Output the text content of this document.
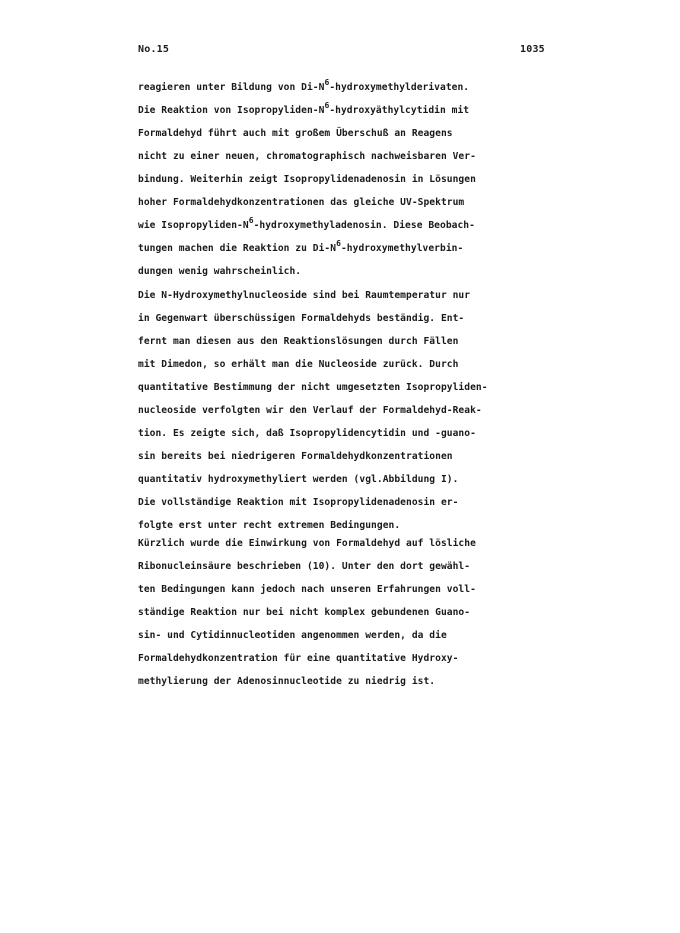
No.15	1035
reagieren unter Bildung von $Di-N^6$-hydroxymethylderivaten.
Die Reaktion von Isopropyliden-$N^6$-hydroxyäthylcytidin mit
Formaldehyd führt auch mit großem Überschuß an Reagens
nicht zu einer neuen, chromatographisch nachweisbaren Ver-
bindung. Weiterhin zeigt Isopropylidenadenosin in Lösungen
hoher Formaldehydkonzentrationen das gleiche UV-Spektrum
wie Isopropyliden-$N^6$-hydroxymethyladenosin. Diese Beobach-
tungen machen die Reaktion zu $Di-N^6-hydroxymethylverbin-$
dungen wenig wahrscheinlich.
Die N-Hydroxymethylnucleoside sind bei Raumtemperatur nur
in Gegenwart überschüssigen Formaldehyds beständig. Ent-
fernt man diesen aus den Reaktionslösungen durch Fällen
mit Dimedon, so erhält man die Nucleoside zurück. Durch
quantitative Bestimmung der nicht umgesetzten Isopropyliden-
nucleoside verfolgten wir den Verlauf der Formaldehyd-Reak-
tion. Es zeigte sich, daß Isopropylidencytidin und -guano-
sin bereits bei niedrigeren Formaldehydkonzentrationen
quantitativ hydroxymethyliert werden (vgl.Abbildung I).
Die vollständige Reaktion mit Isopropylidenadenosin er-
folgte erst unter recht extremen Bedingungen.
Kürzlich wurde die Einwirkung von Formaldehyd auf lösliche
Ribonucleinsäure beschrieben (10). Unter den dort gewähl-
ten Bedingungen kann jedoch nach unseren Erfahrungen voll-
ständige Reaktion nur bei nicht komplex gebundenen Guano-
sin- und Cytidinnucleotiden angenommen werden, da die
Formaldehydkonzentration für eine quantitative Hydroxy-
methylierung der Adenosinnucleotide zu niedrig ist.
